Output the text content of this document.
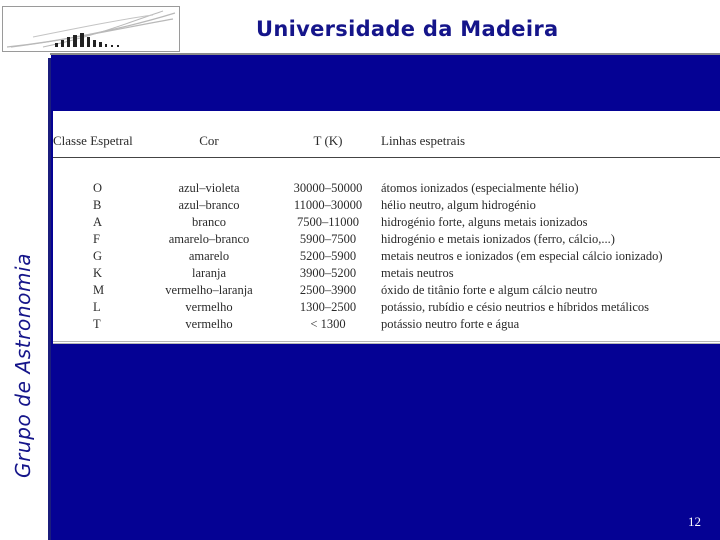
Universidade da Madeira
Grupo de Astronomia
Classe Espetral	Cor	T (K)	Linhas espetrais
O	azul–violeta	30000–50000	átomos ionizados (especialmente hélio)
B	azul–branco	11000–30000	hélio neutro, algum hidrogénio
A	branco	7500–11000	hidrogénio forte, alguns metais ionizados
F	amarelo–branco	5900–7500	hidrogénio e metais ionizados (ferro, cálcio,...)
G	amarelo	5200–5900	metais neutros e ionizados (em especial cálcio ionizado)
K	laranja	3900–5200	metais neutros
M	vermelho–laranja	2500–3900	óxido de titânio forte e algum cálcio neutro
L	vermelho	1300–2500	potássio, rubídio e césio neutrios e híbridos metálicos
T	vermelho	< 1300	potássio neutro forte e água
12
